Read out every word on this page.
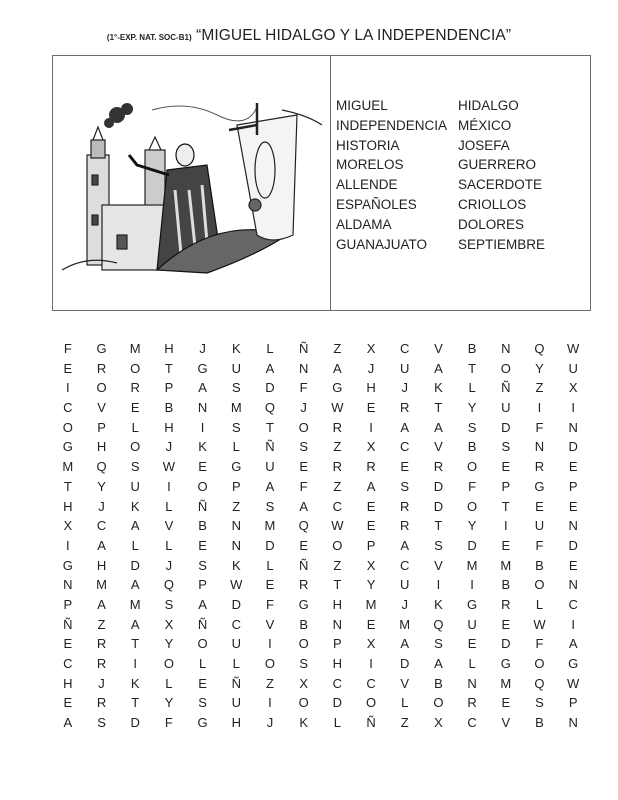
(1°-EXP. NAT. SOC-B1) “MIGUEL HIDALGO Y LA INDEPENDENCIA”
MIGUEL	HIDALGO
INDEPENDENCIA MÉXICO
HISTORIA	JOSEFA
MORELOS	GUERRERO
ALLENDE	SACERDOTE
ESPAÑOLES	CRIOLLOS
ALDAMA	DOLORES
GUANAJUATO SEPTIEMBRE
F	G	M	H	J	K	L	Ñ	Z	X	C	V	B	N	Q	W
E	R	O	T	G	U	A	N	A	J	U	A	T	O	Y	U
I	O	R	P	A	S	D	F	G	H	J	K	L	Ñ	Z	X
C	V	E	B	N	M	Q	J	W	E	R	T	Y	U	I	I
O	P	L	H	I	S	T	O	R	I	A	A	S	D	F	N
G	H	O	J	K	L	Ñ	S	Z	X	C	V	B	S	N	D
M	Q	S	W	E	G	U	E	R	R	E	R	O	E	R	E
T	Y	U	I	O	P	A	F	Z	A	S	D	F	P	G	P
H	J	K	L	Ñ	Z	S	A	C	E	R	D	O	T	E	E
X	C	A	V	B	N	M	Q	W	E	R	T	Y	I	U	N
I	A	L	L	E	N	D	E	O	P	A	S	D	E	F	D
G	H	D	J	S	K	L	Ñ	Z	X	C	V	M	M	B	E
N	M	A	Q	P	W	E	R	T	Y	U	I	I	B	O	N
P	A	M	S	A	D	F	G	H	M	J	K	G	R	L	C
Ñ	Z	A	X	Ñ	C	V	B	N	E	M	Q	U	E	W	I
E	R	T	Y	O	U	I	O	P	X	A	S	E	D	F	A
C	R	I	O	L	L	O	S	H	I	D	A	L	G	O	G
H	J	K	L	E	Ñ	Z	X	C	C	V	B	N	M	Q	W
E	R	T	Y	S	U	I	O	D	O	L	O	R	E	S	P
A	S	D	F	G	H	J	K	L	Ñ	Z	X	C	V	B	N
